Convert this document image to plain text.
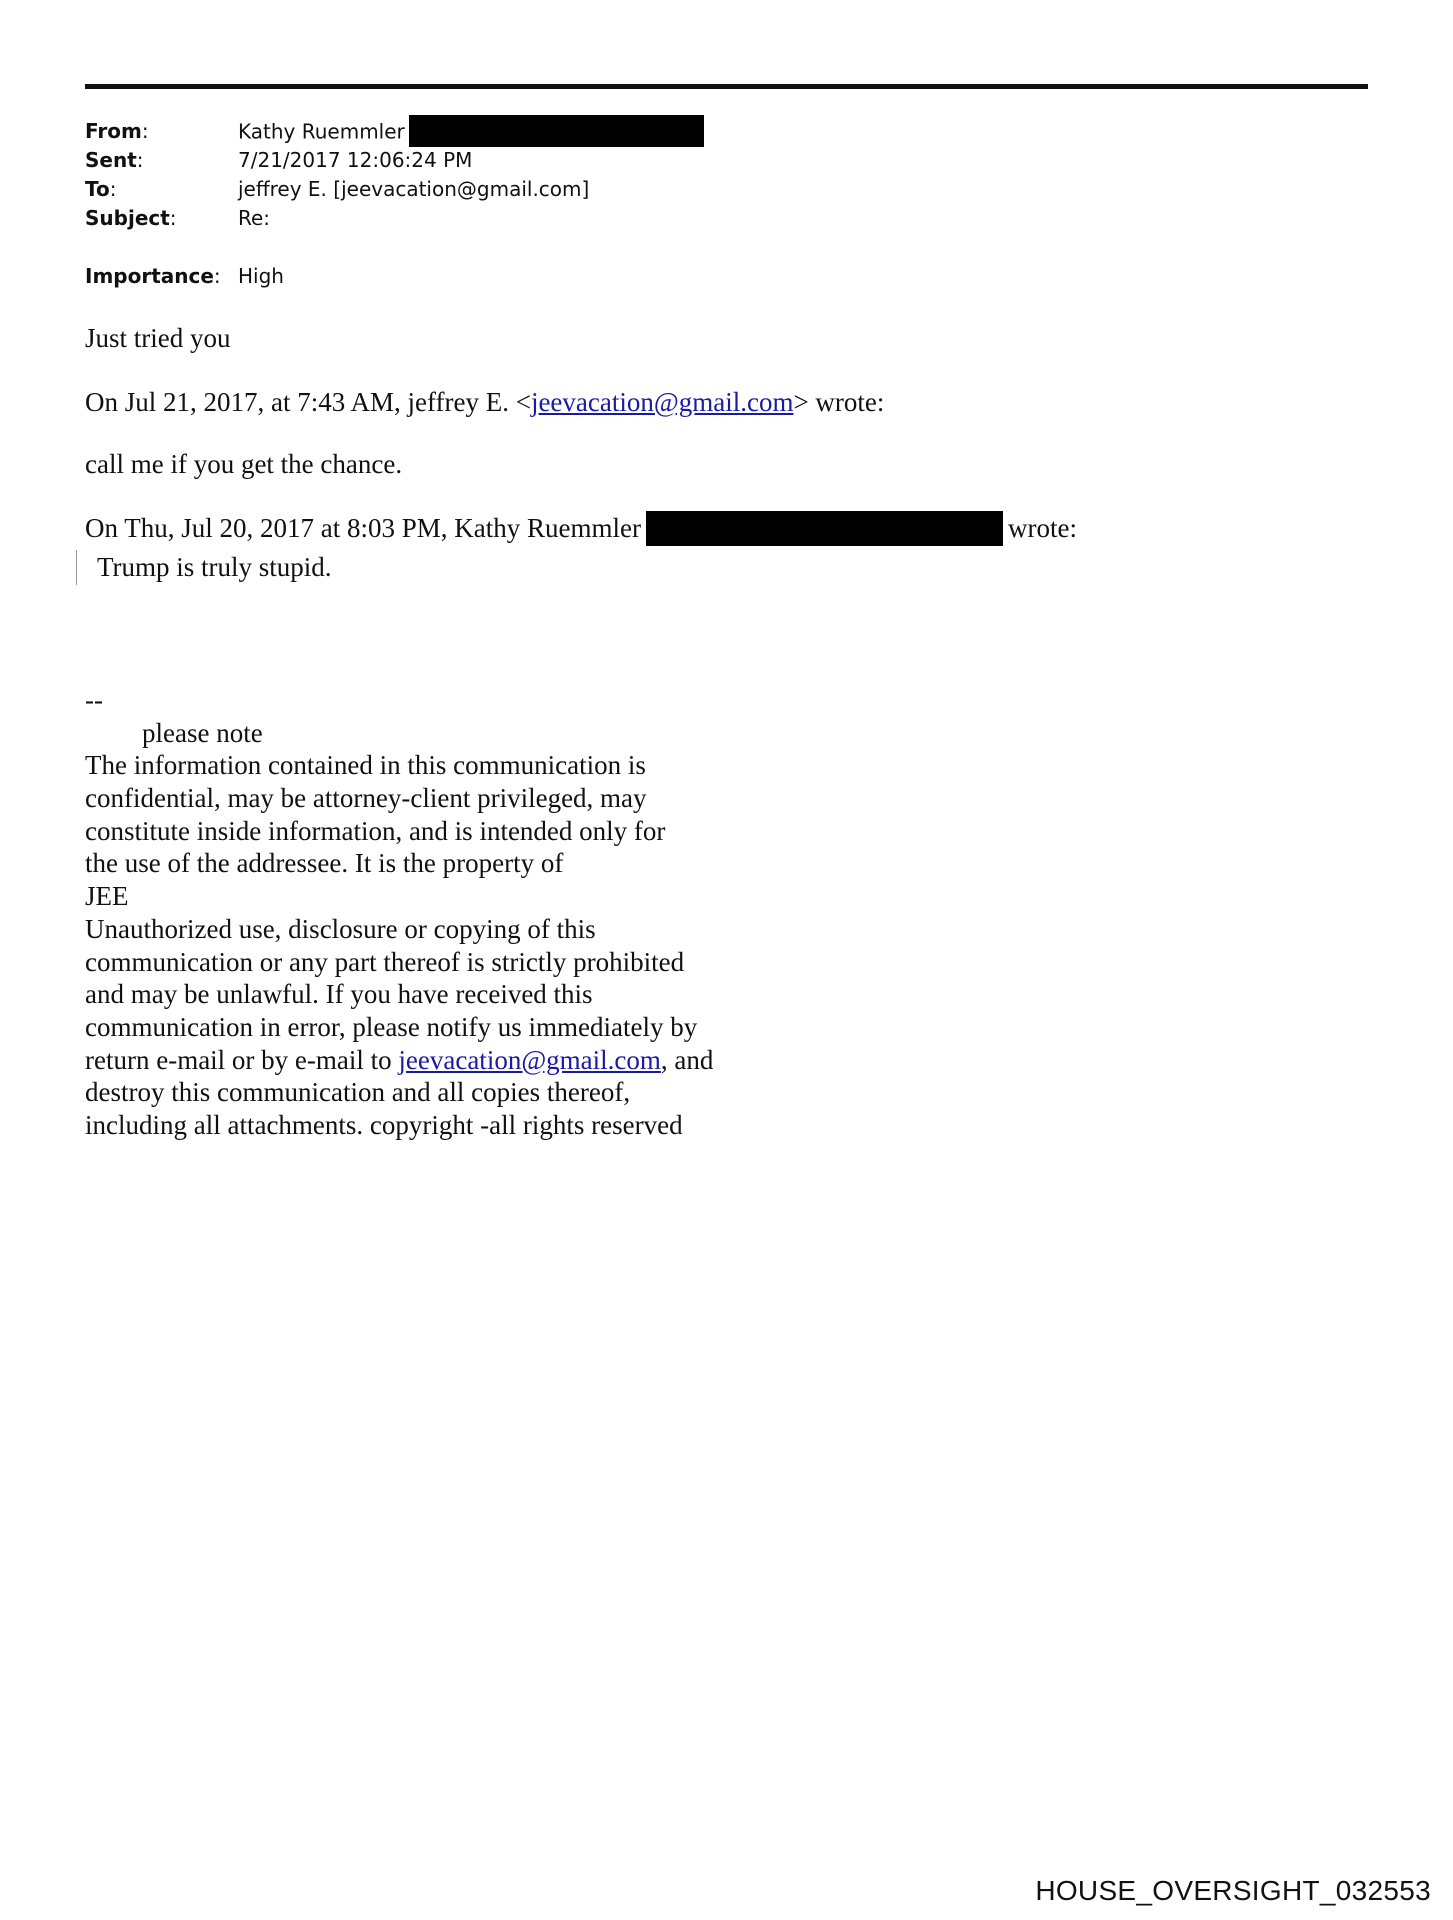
From:	Kathy Ruemmler
Sent:	7/21/2017 12:06:24 PM
To:	jeffrey E. [jeevacation@gmail.com]
Subject:	Re:
Importance: High
Just tried you
On Jul 21, 2017, at 7:43 AM, jeffrey E. <jeevacation@gmail.com> wrote:
call me if you get the chance.
On Thu, Jul 20, 2017 at 8:03 PM, Kathy Ruemmler	wrote:
Trump is truly stupid.
--
please note
The information contained in this communication is
confidential, may be attorney-client privileged, may
constitute inside information, and is intended only for
the use of the addressee. It is the property of
JEE
Unauthorized use, disclosure or copying of this
communication or any part thereof is strictly prohibited
and may be unlawful. If you have received this
communication in error, please notify us immediately by
return e-mail or by e-mail to jeevacation@gmail.com, and
destroy this communication and all copies thereof,
including all attachments. copyright -all rights reserved
HOUSE_OVERSIGHT_032553
